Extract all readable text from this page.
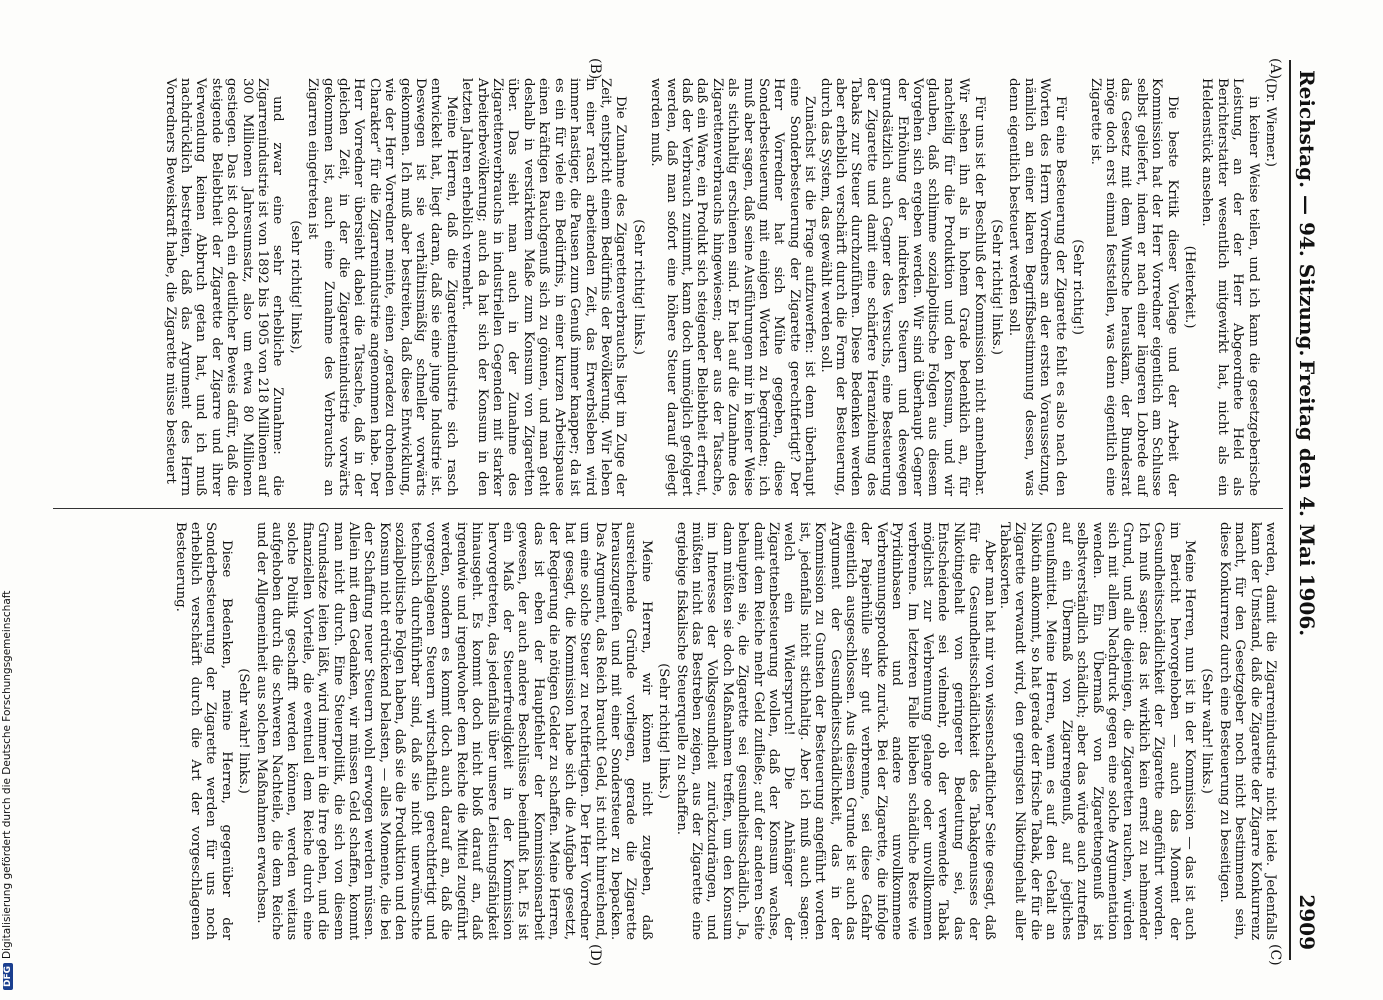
Reichstag. — 94. Sitzung.
Freitag den 4. Mai 1906.
2909
(A)
(B)
(C)
(D)

(Dr. Wiemer.)

in keiner Weise teilen, und ich kann die gesetzgeberische Leistung, an der der Herr Abgeordnete Held als Berichterstatter wesentlich mitgewirkt hat, nicht als ein Heldenstück ansehen.

(Heiterkeit.)

Die beste Kritik dieser Vorlage und der Arbeit der Kommission hat der Herr Vorredner eigentlich am Schlusse selbst geliefert, indem er nach einer längeren Lobrede auf das Gesetz mit dem Wunsche herauskam, der Bundesrat möge doch erst einmal feststellen, was denn eigentlich eine Zigarette ist.

(Sehr richtig!)

Für eine Besteuerung der Zigarette fehlt es also nach den Worten des Herrn Vorredners an der ersten Voraussetzung, nämlich an einer klaren Begriffsbestimmung dessen, was denn eigentlich besteuert werden soll.

(Sehr richtig! links.)

Für uns ist der Beschluß der Kommission nicht annehmbar. Wir sehen ihn als in hohem Grade bedenklich an, für nachteilig für die Produktion und den Konsum, und wir glauben, daß schlimme sozialpolitische Folgen aus diesem Vorgehen sich ergeben werden. Wir sind überhaupt Gegner der Erhöhung der indirekten Steuern und deswegen grundsätzlich auch Gegner des Versuchs, eine Besteuerung der Zigarette und damit eine schärfere Heranziehung des Tabaks zur Steuer durchzuführen. Diese Bedenken werden aber erheblich verschärft durch die Form der Besteuerung, durch das System, das gewählt werden soll.

Zunächst ist die Frage aufzuwerfen: ist denn überhaupt eine Sonderbesteuerung der Zigarette gerechtfertigt? Der Herr Vorredner hat sich Mühe gegeben, diese Sonderbesteuerung mit einigen Worten zu begründen; ich muß aber sagen, daß seine Ausführungen mir in keiner Weise als stichhaltig erschienen sind. Er hat auf die Zunahme des Zigarettenverbrauchs hingewiesen; aber aus der Tatsache, daß ein Ware, ein Produkt sich steigender Beliebtheit erfreut, daß der Verbrauch zunimmt, kann doch unmöglich gefolgert werden, daß man sofort eine höhere Steuer darauf gelegt werden muß.

(Sehr richtig! links.)

Die Zunahme des Zigarettenverbrauchs liegt im Zuge der Zeit, entspricht einem Bedürfnis der Bevölkerung. Wir leben in einer rasch arbeitenden Zeit, das Erwerbsleben wird immer hastiger, die Pausen zum Genuß immer knapper; da ist es ein für viele ein Bedürfnis, in einer kurzen Arbeitspause einen kräftigen Rauchgenuß sich zu gönnen, und man geht deshalb in verstärktem Maße zum Konsum von Zigaretten über. Das sieht man auch in der Zunahme des Zigarettenverbrauchs in industriellen Gegenden mit starker Arbeiterbevölkerung; auch da hat sich der Konsum in den letzten Jahren erheblich vermehrt.

Meine Herren, daß die Zigarettenindustrie sich rasch entwickelt hat, liegt daran, daß sie eine junge Industrie ist. Deswegen ist sie verhältnismäßig schneller vorwärts gekommen. Ich muß aber bestreiten, daß diese Entwicklung, wie der Herr Vorredner meinte, einen „geradezu drohenden Charakter“ für die Zigarrenindustrie angenommen habe. Der Herr Vorredner übersieht dabei die Tatsache, daß in der gleichen Zeit, in der die Zigarettenindustrie vorwärts gekommen ist, auch eine Zunahme des Verbrauchs an Zigarren eingetreten ist

(sehr richtig! links),

und zwar eine sehr erhebliche Zunahme: die Zigarrenindustrie ist von 1892 bis 1905 von 218 Millionen auf 300 Millionen Jahresumsatz, also um etwa 80 Millionen gestiegen. Das ist doch ein deutlicher Beweis dafür, daß die steigende Beliebtheit der Zigarette der Zigarre und ihrer Verwendung keinen Abbruch getan hat, und ich muß nachdrücklich bestreiten, daß das Argument des Herrn Vorredners Beweiskraft habe, die Zigarette müsse besteuert

werden, damit die Zigarrenindustrie nicht leide. Jedenfalls kann der Umstand, daß die Zigarette der Zigarre Konkurrenz macht, für den Gesetzgeber noch nicht bestimmend sein, diese Konkurrenz durch eine Besteuerung zu beseitigen.

(Sehr wahr! links.)

Meine Herren, nun ist in der Kommission — das ist auch im Bericht hervorgehoben — auch das Moment der Gesundheitsschädlichkeit der Zigarette angeführt worden. Ich muß sagen: das ist wirklich kein ernst zu nehmender Grund, und alle diejenigen, die Zigaretten rauchen, würden sich mit allem Nachdruck gegen eine solche Argumentation wenden. Ein Übermaß von Zigarettengenuß ist selbstverständlich schädlich; aber das würde auch zutreffen auf ein Übermaß von Zigarrengenuß, auf jegliches Genußmittel. Meine Herren, wenn es auf den Gehalt an Nikotin ankommt, so hat gerade der frische Tabak, der für die Zigarette verwandt wird, den geringsten Nikotingehalt aller Tabaksorten.

Aber man hat mir von wissenschaftlicher Seite gesagt, daß für die Gesundheitsschädlichkeit des Tabakgenusses der Nikotingehalt von geringerer Bedeutung sei, das Entscheidende sei vielmehr, ob der verwendete Tabak möglichst zur Verbrennung gelange oder unvollkommen verbrenne. Im letzteren Falle blieben schädliche Reste wie Pyridinbasen und andere unvollkommene Verbrennungsprodukte zurück. Bei der Zigarette, die infolge der Papierhülle sehr gut verbrenne, sei diese Gefahr eigentlich ausgeschlossen. Aus diesem Grunde ist auch das Argument der Gesundheitsschädlichkeit, das in der Kommission zu Gunsten der Besteuerung angeführt worden ist, jedenfalls nicht stichhaltig. Aber ich muß auch sagen: welch ein Widerspruch! Die Anhänger der Zigarettenbesteuerung wollen, daß der Konsum wachse, damit dem Reiche mehr Geld zufließe; auf der anderen Seite behaupten sie, die Zigarette sei gesundheitsschädlich. Ja, dann müßten sie doch Maßnahmen treffen, um den Konsum im Interesse der Volksgesundheit zurückzudrängen, und müßten nicht das Bestreben zeigen, aus der Zigarette eine ergiebige fiskalische Steuerquelle zu schaffen.

(Sehr richtig! links.)

Meine Herren, wir können nicht zugeben, daß ausreichende Gründe vorliegen, gerade die Zigarette herauszugreifen und mit einer Sondersteuer zu bepacken. Das Argument, das Reich braucht Geld, ist nicht hinreichend, um eine solche Steuer zu rechtfertigen. Der Herr Vorredner hat gesagt, die Kommission habe sich die Aufgabe gesetzt, der Regierung die nötigen Gelder zu schaffen. Meine Herren, das ist eben der Hauptfehler der Kommissionsarbeit gewesen, der auch andere Beschlüsse beeinflußt hat. Es ist ein Maß der Steuerfreudigkeit in der Kommission hervorgetreten, das jedenfalls über unsere Leistungsfähigkeit hinausgeht. Es kommt doch nicht bloß darauf an, daß irgendwie und irgendwoher dem Reiche die Mittel zugeführt werden, sondern es kommt doch auch darauf an, daß die vorgeschlagenen Steuern wirtschaftlich gerechtfertigt und technisch durchführbar sind, daß sie nicht unerwünschte sozialpolitische Folgen haben, daß sie die Produktion und den Konsum nicht erdrückend belasten, — alles Momente, die bei der Schaffung neuer Steuern wohl erwogen werden müssen. Allein mit dem Gedanken, wir müssen Geld schaffen, kommt man nicht durch. Eine Steuerpolitik, die sich von diesem Grundsatze leiten läßt, wird immer in die Irre gehen, und die finanziellen Vorteile, die eventuell dem Reiche durch eine solche Politik geschafft werden können, werden weitaus aufgehoben durch die schweren Nachteile, die dem Reiche und der Allgemeinheit aus solchen Maßnahmen erwachsen.

(Sehr wahr! links.)

Diese Bedenken, meine Herren, gegenüber der Sonderbesteuerung der Zigarette werden für uns noch erheblich verschärft durch die Art der vorgeschlagenen Besteuerung.

DFGDigitalisierung gefördert durch die Deutsche Forschungsgemeinschaft
